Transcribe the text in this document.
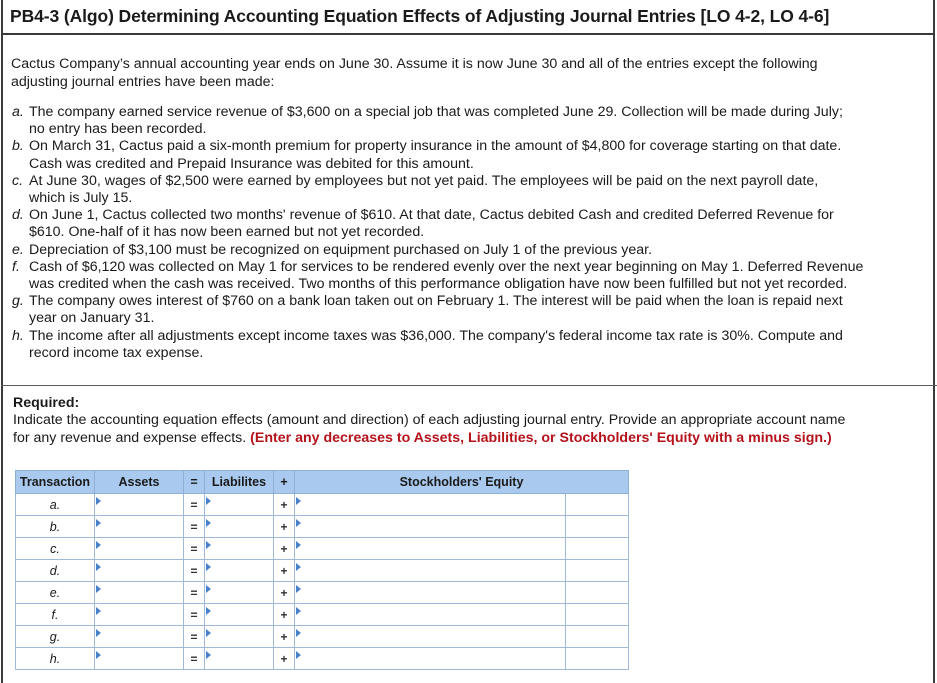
PB4-3 (Algo) Determining Accounting Equation Effects of Adjusting Journal Entries [LO 4-2, LO 4-6]
Cactus Company’s annual accounting year ends on June 30. Assume it is now June 30 and all of the entries except the following
adjusting journal entries have been made:
a. The company earned service revenue of $3,600 on a special job that was completed June 29. Collection will be made during July;
no entry has been recorded.
b. On March 31, Cactus paid a six-month premium for property insurance in the amount of $4,800 for coverage starting on that date.
Cash was credited and Prepaid Insurance was debited for this amount.
c. At June 30, wages of $2,500 were earned by employees but not yet paid. The employees will be paid on the next payroll date,
which is July 15.
d. On June 1, Cactus collected two months' revenue of $610. At that date, Cactus debited Cash and credited Deferred Revenue for
$610. One-half of it has now been earned but not yet recorded.
e. Depreciation of $3,100 must be recognized on equipment purchased on July 1 of the previous year.
f. Cash of $6,120 was collected on May 1 for services to be rendered evenly over the next year beginning on May 1. Deferred Revenue
was credited when the cash was received. Two months of this performance obligation have now been fulfilled but not yet recorded.
g. The company owes interest of $760 on a bank loan taken out on February 1. The interest will be paid when the loan is repaid next
year on January 31.
h. The income after all adjustments except income taxes was $36,000. The company's federal income tax rate is 30%. Compute and
record income tax expense.
Required:
Indicate the accounting equation effects (amount and direction) of each adjusting journal entry. Provide an appropriate account name
for any revenue and expense effects. (Enter any decreases to Assets, Liabilities, or Stockholders' Equity with a minus sign.)
Transaction	Assets	=	Liabilites	+	Stockholders' Equity	
a.		=		+	

b.		=		+	

c.		=		+	

d.		=		+	

e.		=		+	

f.		=		+	

g.		=		+	

h.		=		+	
